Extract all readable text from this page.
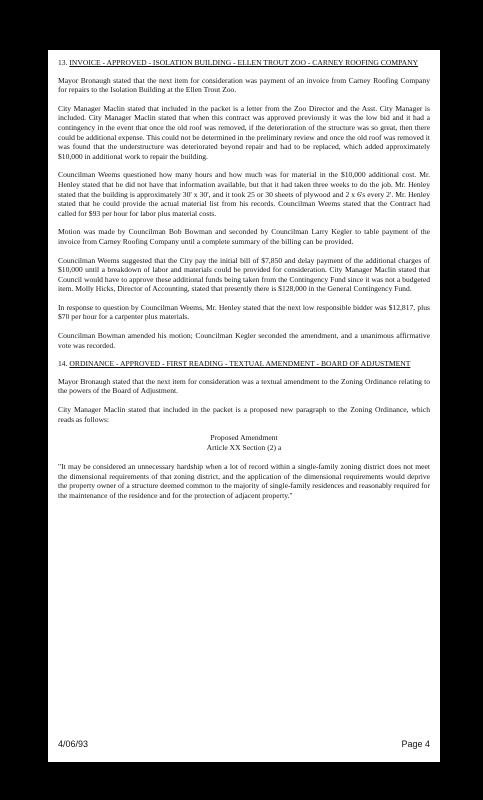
13. INVOICE - APPROVED - ISOLATION BUILDING - ELLEN TROUT ZOO - CARNEY ROOFING COMPANY

Mayor Bronaugh stated that the next item for consideration was payment of an invoice from Carney Roofing Company for repairs to the Isolation Building at the Ellen Trout Zoo.

City Manager Maclin stated that included in the packet is a letter from the Zoo Director and the Asst. City Manager is included. City Manager Maclin stated that when this contract was approved previously it was the low bid and it had a contingency in the event that once the old roof was removed, if the deterioration of the structure was so great, then there could be additional expense. This could not be determined in the preliminary review and once the old roof was removed it was found that the understructure was deteriorated beyond repair and had to be replaced, which added approximately $10,000 in additional work to repair the building.

Councilman Weems questioned how many hours and how much was for material in the $10,000 additional cost. Mr. Henley stated that he did not have that information available, but that it had taken three weeks to do the job. Mr. Henley stated that the building is approximately 30' x 30', and it took 25 or 30 sheets of plywood and 2 x 6's every 2'. Mr. Henley stated that he could provide the actual material list from his records. Councilman Weems stated that the Contract had called for $93 per hour for labor plus material costs.

Motion was made by Councilman Bob Bowman and seconded by Councilman Larry Kegler to table payment of the invoice from Carney Roofing Company until a complete summary of the billing can be provided.

Councilman Weems suggested that the City pay the initial bill of $7,850 and delay payment of the additional charges of $10,000 until a breakdown of labor and materials could be provided for consideration. City Manager Maclin stated that Council would have to approve these additional funds being taken from the Contingency Fund since it was not a budgeted item. Molly Hicks, Director of Accounting, stated that presently there is $128,000 in the General Contingency Fund.

In response to question by Councilman Weems, Mr. Henley stated that the next low responsible bidder was $12,817, plus $70 per hour for a carpenter plus materials.

Councilman Bowman amended his motion; Councilman Kegler seconded the amendment, and a unanimous affirmative vote was recorded.

14. ORDINANCE - APPROVED - FIRST READING - TEXTUAL AMENDMENT - BOARD OF ADJUSTMENT

Mayor Bronaugh stated that the next item for consideration was a textual amendment to the Zoning Ordinance relating to the powers of the Board of Adjustment.

City Manager Maclin stated that included in the packet is a proposed new paragraph to the Zoning Ordinance, which reads as follows:

Proposed Amendment
Article XX Section (2) a

"It may be considered an unnecessary hardship when a lot of record within a single-family zoning district does not meet the dimensional requirements of that zoning district, and the application of the dimensional requirements would deprive the property owner of a structure deemed common to the majority of single-family residences and reasonably required for the maintenance of the residence and for the protection of adjacent property."

4/06/93	Page 4
